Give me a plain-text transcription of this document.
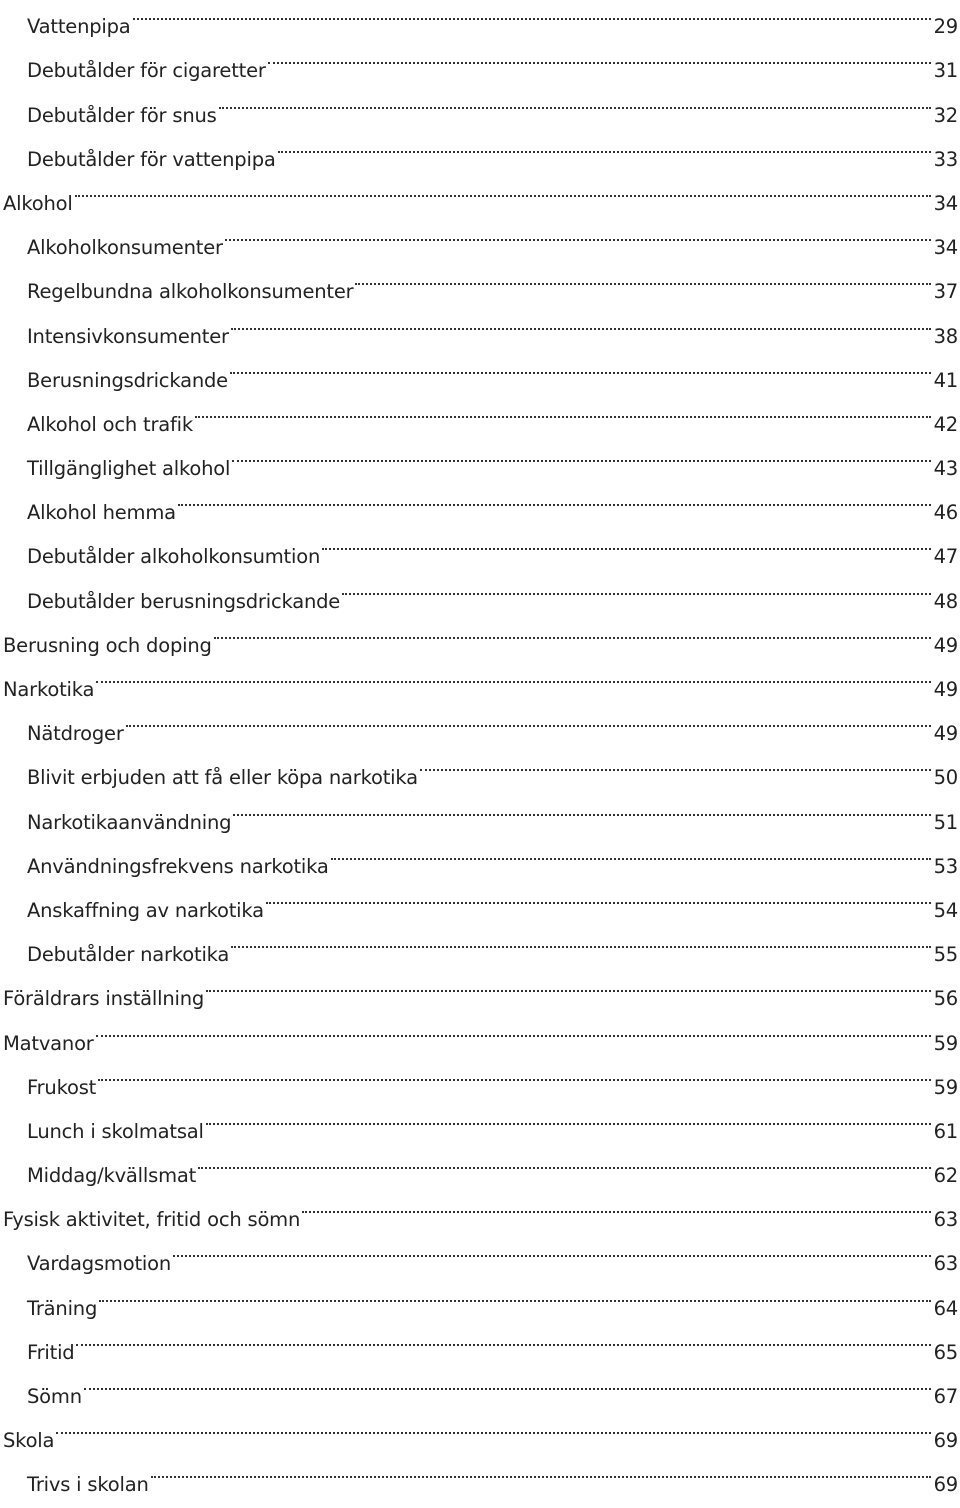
Vattenpipa	29
Debutålder för cigaretter	31
Debutålder för snus	32
Debutålder för vattenpipa	33
Alkohol	34
Alkoholkonsumenter	34
Regelbundna alkoholkonsumenter	37
Intensivkonsumenter	38
Berusningsdrickande	41
Alkohol och trafik	42
Tillgänglighet alkohol	43
Alkohol hemma	46
Debutålder alkoholkonsumtion	47
Debutålder berusningsdrickande	48
Berusning och doping	49
Narkotika	49
Nätdroger	49
Blivit erbjuden att få eller köpa narkotika	50
Narkotikaanvändning	51
Användningsfrekvens narkotika	53
Anskaffning av narkotika	54
Debutålder narkotika	55
Föräldrars inställning	56
Matvanor	59
Frukost	59
Lunch i skolmatsal	61
Middag/kvällsmat	62
Fysisk aktivitet, fritid och sömn	63
Vardagsmotion	63
Träning	64
Fritid	65
Sömn	67
Skola	69
Trivs i skolan	69
